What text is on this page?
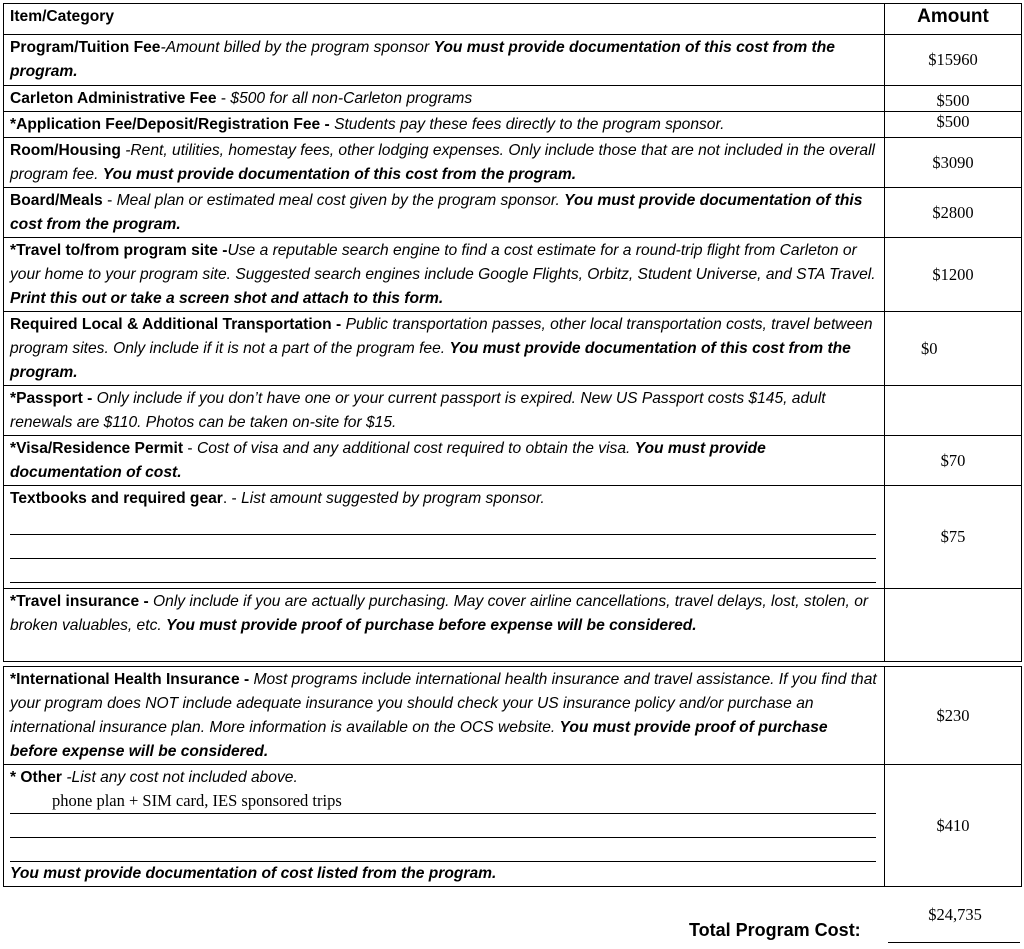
Item/Category	Amount
Program/Tuition Fee-Amount billed by the program sponsor You must provide documentation of this cost from the program.	$15960
Carleton Administrative Fee - $500 for all non-Carleton programs	$500
*Application Fee/Deposit/Registration Fee - Students pay these fees directly to the program sponsor.	$500
Room/Housing -Rent, utilities, homestay fees, other lodging expenses. Only include those that are not included in the overall program fee. You must provide documentation of this cost from the program.	$3090
Board/Meals - Meal plan or estimated meal cost given by the program sponsor. You must provide documentation of this cost from the program.	$2800
*Travel to/from program site -Use a reputable search engine to find a cost estimate for a round-trip flight from Carleton or your home to your program site. Suggested search engines include Google Flights, Orbitz, Student Universe, and STA Travel. Print this out or take a screen shot and attach to this form.	$1200
Required Local & Additional Transportation - Public transportation passes, other local transportation costs, travel between program sites. Only include if it is not a part of the program fee. You must provide documentation of this cost from the program.	$0
*Passport - Only include if you don’t have one or your current passport is expired. New US Passport costs $145, adult renewals are $110. Photos can be taken on-site for $15.	
*Visa/Residence Permit - Cost of visa and any additional cost required to obtain the visa. You must provide documentation of cost.	$70

Textbooks and required gear. - List amount suggested by program sponsor.	$75
*Travel insurance - Only include if you are actually purchasing. May cover airline cancellations, travel delays, lost, stolen, or broken valuables, etc. You must provide proof of purchase before expense will be considered.	
*International Health Insurance - Most programs include international health insurance and travel assistance. If you find that your program does NOT include adequate insurance you should check your US insurance policy and/or purchase an international insurance plan. More information is available on the OCS website. You must provide proof of purchase before expense will be considered.	$230

* Other -List any cost not included above.
phone plan + SIM card, IES sponsored trips
You must provide documentation of cost listed from the program.	$410
Total Program Cost:
$24,735
